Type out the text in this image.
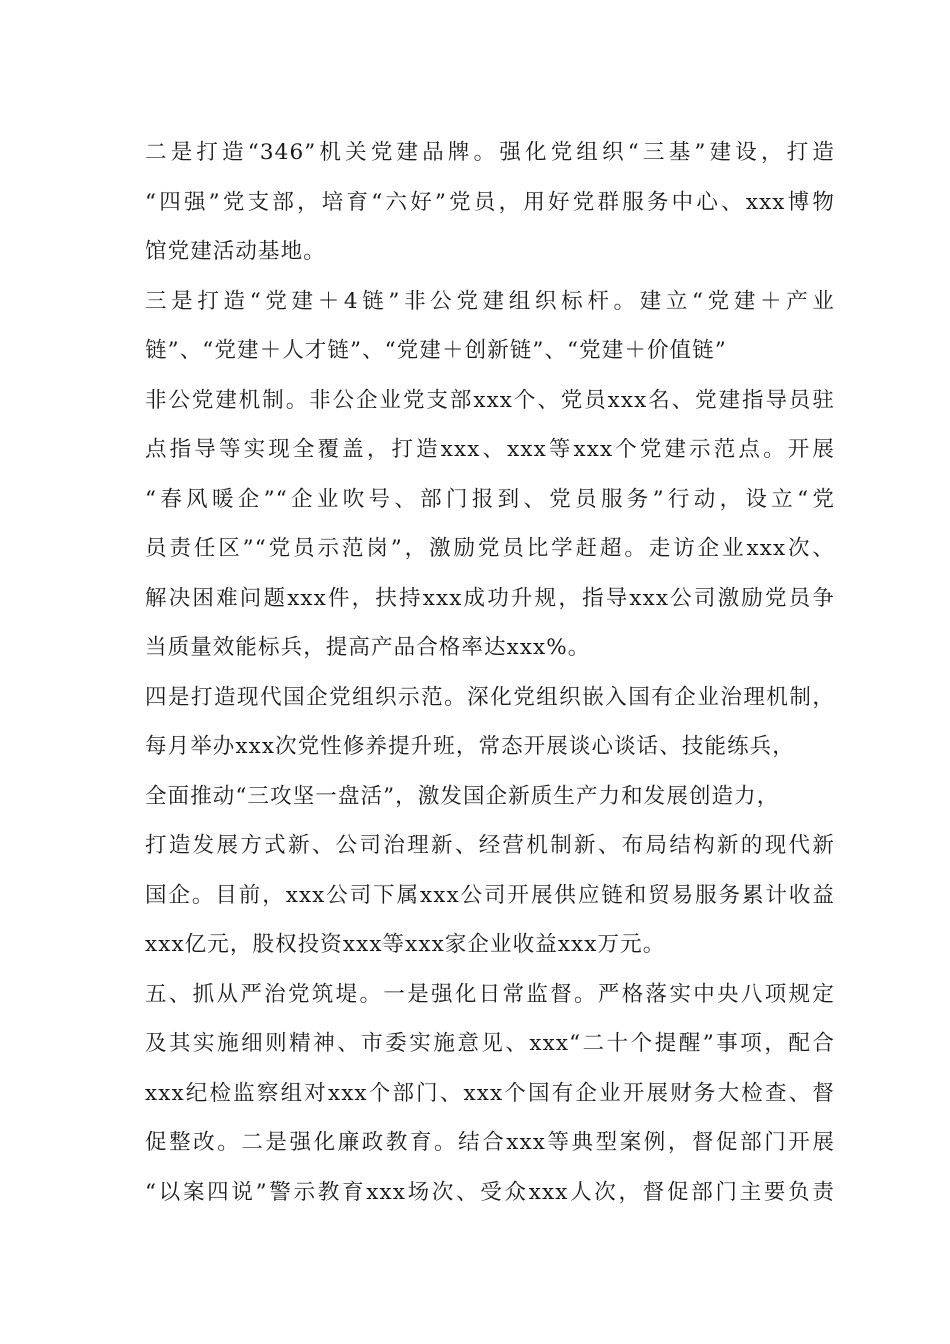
二是打造“346”机关党建品牌。强化党组织“三基”建设，打造
“四强”党支部，培育“六好”党员，用好党群服务中心、xxx博物
馆党建活动基地。
三是打造“党建＋4链”非公党建组织标杆。建立“党建＋产业
链”、“党建＋人才链”、“党建＋创新链”、“党建＋价值链”
非公党建机制。非公企业党支部xxx个、党员xxx名、党建指导员驻
点指导等实现全覆盖，打造xxx、xxx等xxx个党建示范点。开展
“春风暖企”“企业吹号、部门报到、党员服务”行动，设立“党
员责任区”“党员示范岗”，激励党员比学赶超。走访企业xxx次、
解决困难问题xxx件，扶持xxx成功升规，指导xxx公司激励党员争
当质量效能标兵，提高产品合格率达xxx%。
四是打造现代国企党组织示范。深化党组织嵌入国有企业治理机制，
每月举办xxx次党性修养提升班，常态开展谈心谈话、技能练兵，
全面推动“三攻坚一盘活”，激发国企新质生产力和发展创造力，
打造发展方式新、公司治理新、经营机制新、布局结构新的现代新
国企。目前，xxx公司下属xxx公司开展供应链和贸易服务累计收益
xxx亿元，股权投资xxx等xxx家企业收益xxx万元。
五、抓从严治党筑堤。一是强化日常监督。严格落实中央八项规定
及其实施细则精神、市委实施意见、xxx“二十个提醒”事项，配合
xxx纪检监察组对xxx个部门、xxx个国有企业开展财务大检查、督
促整改。二是强化廉政教育。结合xxx等典型案例，督促部门开展
“以案四说”警示教育xxx场次、受众xxx人次，督促部门主要负责
